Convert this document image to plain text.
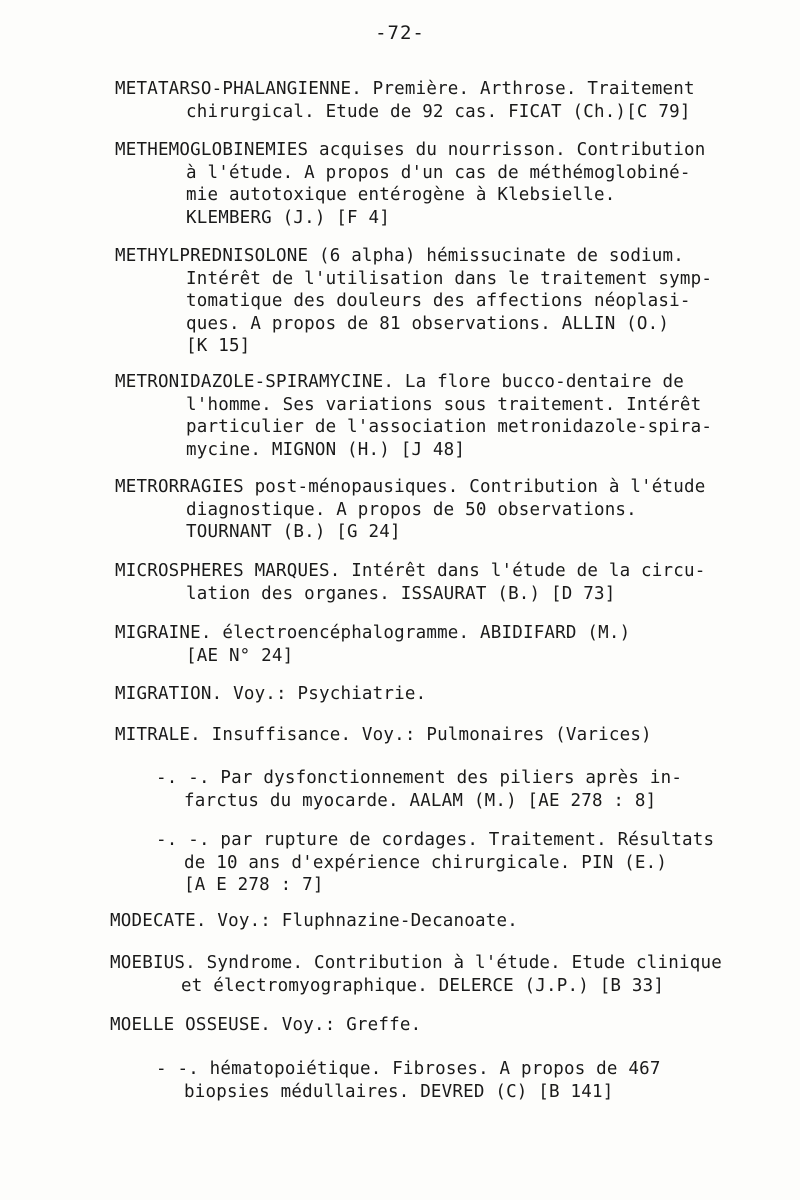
-72-
METATARSO-PHALANGIENNE. Première. Arthrose. Traitement
chirurgical. Etude de 92 cas. FICAT (Ch.)[C 79]
METHEMOGLOBINEMIES acquises du nourrisson. Contribution
à l'étude. A propos d'un cas de méthémoglobiné-
mie autotoxique entérogène à Klebsielle.
KLEMBERG (J.) [F 4]
METHYLPREDNISOLONE (6 alpha) hémissucinate de sodium.
Intérêt de l'utilisation dans le traitement symp-
tomatique des douleurs des affections néoplasi-
ques. A propos de 81 observations. ALLIN (O.)
[K 15]
METRONIDAZOLE-SPIRAMYCINE. La flore bucco-dentaire de
l'homme. Ses variations sous traitement. Intérêt
particulier de l'association metronidazole-spira-
mycine. MIGNON (H.) [J 48]
METRORRAGIES post-ménopausiques. Contribution à l'étude
diagnostique. A propos de 50 observations.
TOURNANT (B.) [G 24]
MICROSPHERES MARQUES. Intérêt dans l'étude de la circu-
lation des organes. ISSAURAT (B.) [D 73]
MIGRAINE. électroencéphalogramme. ABIDIFARD (M.)
[AE N° 24]
MIGRATION. Voy.: Psychiatrie.
MITRALE. Insuffisance. Voy.: Pulmonaires (Varices)
-. -. Par dysfonctionnement des piliers après in-
farctus du myocarde. AALAM (M.) [AE 278 : 8]
-. -. par rupture de cordages. Traitement. Résultats
de 10 ans d'expérience chirurgicale. PIN (E.)
[A E 278 : 7]
MODECATE. Voy.: Fluphnazine-Decanoate.
MOEBIUS. Syndrome. Contribution à l'étude. Etude clinique
et électromyographique. DELERCE (J.P.) [B 33]
MOELLE OSSEUSE. Voy.: Greffe.
- -. hématopoiétique. Fibroses. A propos de 467
biopsies médullaires. DEVRED (C) [B 141]
